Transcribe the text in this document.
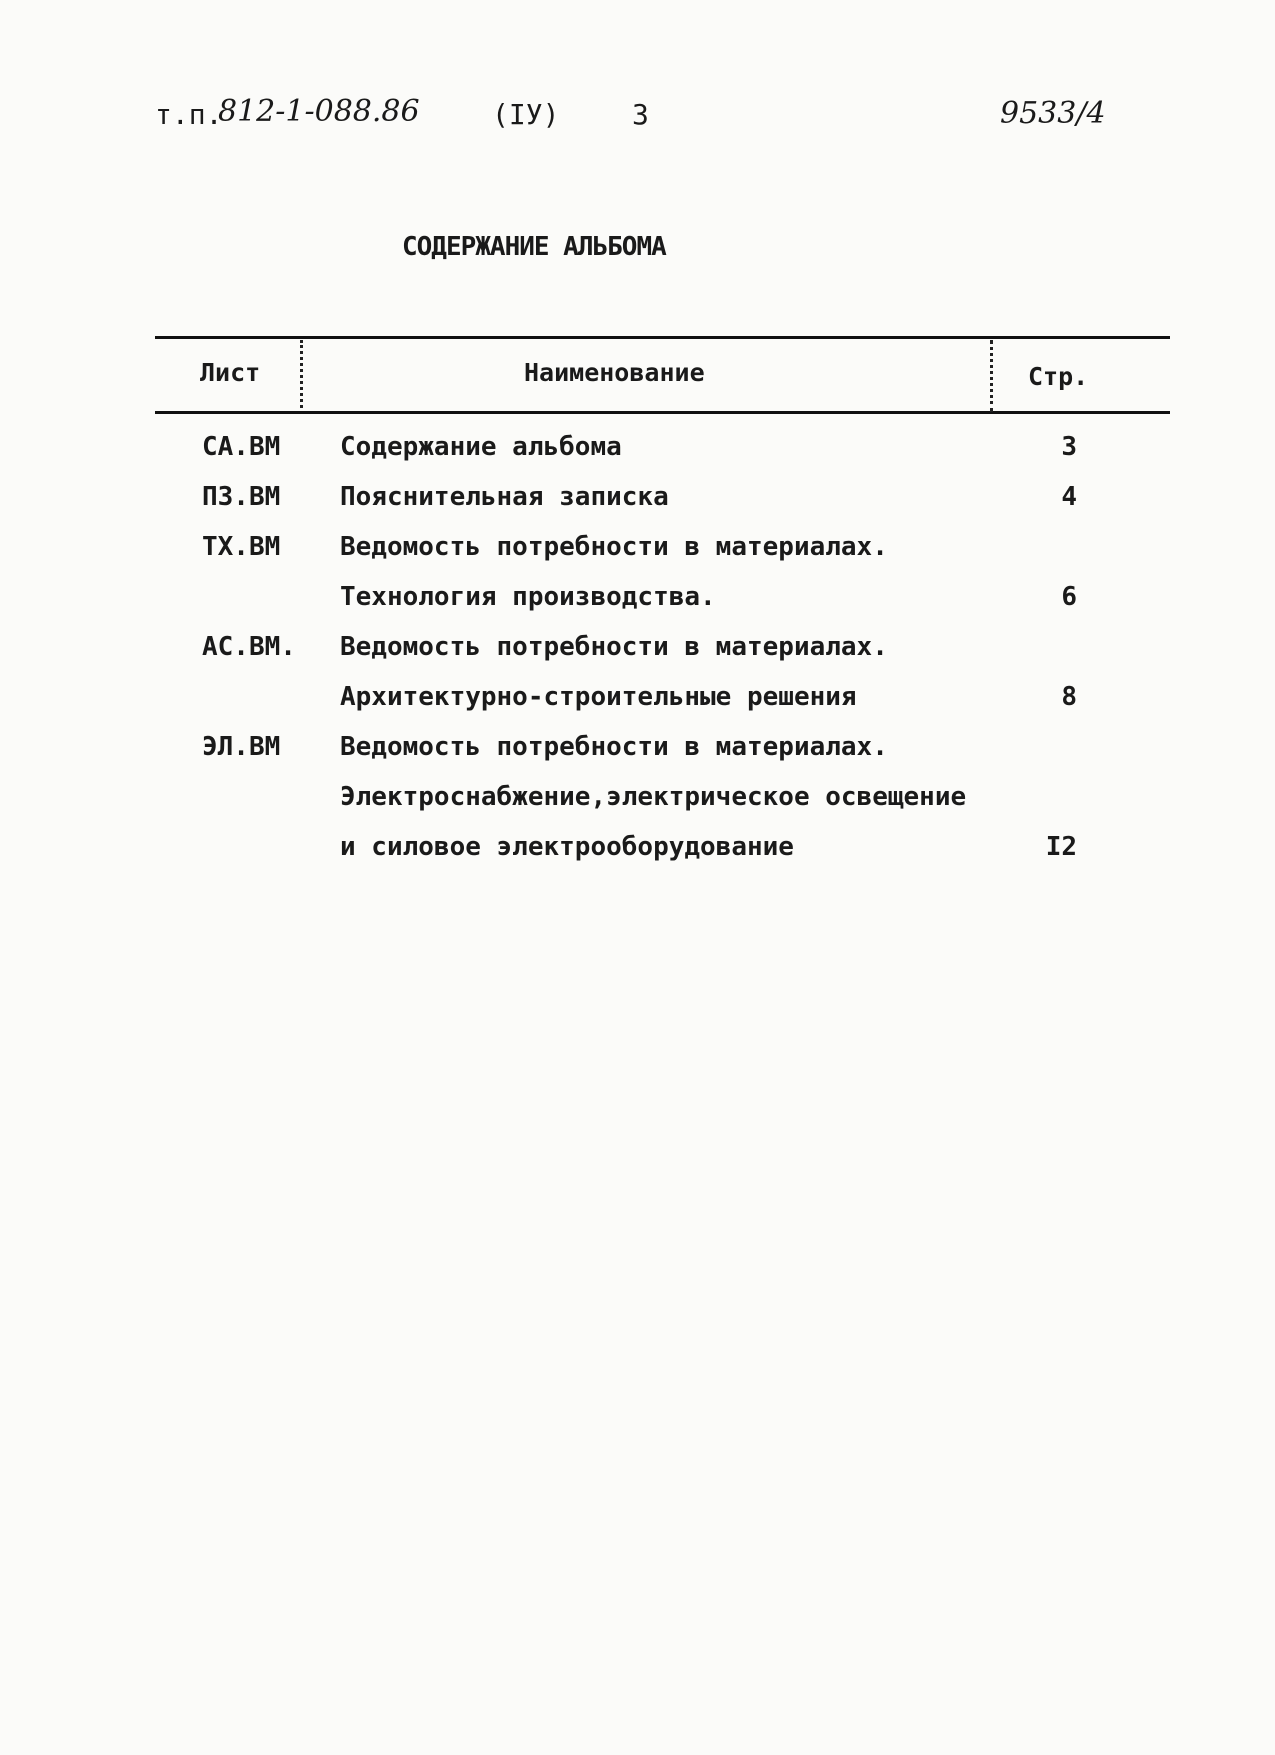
т.п.
812-1-088.86	(IУ)	3	9533/4
СОДЕРЖАНИЕ АЛЬБОМА
Лист	Наименование	Стр.
СА.ВМ Содержание альбома	3
ПЗ.ВМ Пояснительная записка	4
ТХ.ВМ Ведомость потребности в материалах.
Технология производства.	6
АС.ВМ. Ведомость потребности в материалах.
Архитектурно-строительные решения	8
ЭЛ.ВМ Ведомость потребности в материалах.
Электроснабжение,электрическое освещение
и силовое электрооборудование	I2
